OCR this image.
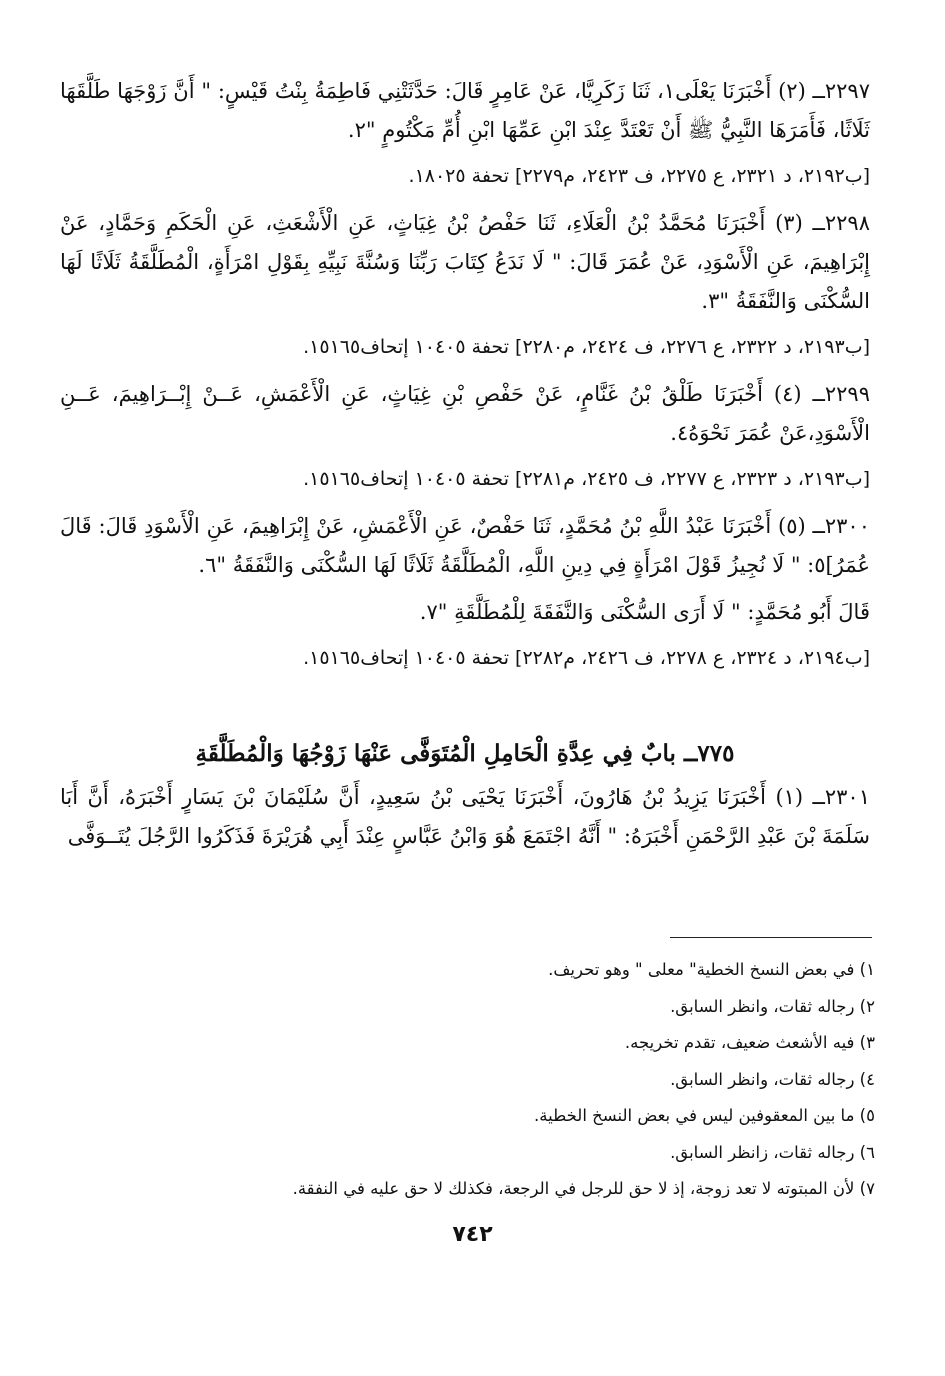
٢٢٩٧ــ (٢) أَخْبَرَنَا يَعْلَى١، ثَنَا زَكَرِيَّا، عَنْ عَامِرٍ قَالَ: حَدَّثَتْنِي فَاطِمَةُ بِنْتُ قَيْسٍ: " أَنَّ زَوْجَهَا طَلَّقَهَا ثَلَاثًا، فَأَمَرَهَا النَّبِيُّ ﷺ أَنْ تَعْتَدَّ عِنْدَ ابْنِ عَمِّهَا ابْنِ أُمِّ مَكْتُومٍ "٢.

[ب٢١٩٢، د ٢٣٢١، ع ٢٢٧٥، ف ٢٤٢٣، م٢٢٧٩] تحفة ١٨٠٢٥.

٢٢٩٨ــ (٣) أَخْبَرَنَا مُحَمَّدُ بْنُ الْعَلَاءِ، ثَنَا حَفْصُ بْنُ غِيَاثٍ، عَنِ الْأَشْعَثِ، عَنِ الْحَكَمِ وَحَمَّادٍ، عَنْ إِبْرَاهِيمَ، عَنِ الْأَسْوَدِ، عَنْ عُمَرَ قَالَ: " لَا نَدَعُ كِتَابَ رَبِّنَا وَسُنَّةَ نَبِيِّهِ بِقَوْلِ امْرَأَةٍ، الْمُطَلَّقَةُ ثَلَاثًا لَهَا السُّكْنَى وَالنَّفَقَةُ "٣.

[ب٢١٩٣، د ٢٣٢٢، ع ٢٢٧٦، ف ٢٤٢٤، م٢٢٨٠] تحفة ١٠٤٠٥ إتحاف١٥١٦٥.

٢٢٩٩ــ (٤) أَخْبَرَنَا طَلْقُ بْنُ غَنَّامٍ، عَنْ حَفْصِ بْنِ غِيَاثٍ، عَنِ الْأَعْمَشِ، عَــنْ إِبْــرَاهِيمَ، عَــنِ الْأَسْوَدِ،عَنْ عُمَرَ نَحْوَهُ٤.

[ب٢١٩٣، د ٢٣٢٣، ع ٢٢٧٧، ف ٢٤٢٥، م٢٢٨١] تحفة ١٠٤٠٥ إتحاف١٥١٦٥.

٢٣٠٠ــ (٥) أَخْبَرَنَا عَبْدُ اللَّهِ بْنُ مُحَمَّدٍ، ثَنَا حَفْصٌ، عَنِ الْأَعْمَشِ، عَنْ إِبْرَاهِيمَ، عَنِ الْأَسْوَدِ قَالَ: قَالَ عُمَرُ]٥: " لَا نُجِيزُ قَوْلَ امْرَأَةٍ فِي دِينِ اللَّهِ، الْمُطَلَّقَةُ ثَلَاثًا لَهَا السُّكْنَى وَالنَّفَقَةُ "٦.

قَالَ أَبُو مُحَمَّدٍ: " لَا أَرَى السُّكْنَى وَالنَّفَقَةَ لِلْمُطَلَّقَةِ "٧.

[ب٢١٩٤، د ٢٣٢٤، ع ٢٢٧٨، ف ٢٤٢٦، م٢٢٨٢] تحفة ١٠٤٠٥ إتحاف١٥١٦٥.

٧٧٥ــ بابٌ فِي عِدَّةِ الْحَامِلِ الْمُتَوَفَّى عَنْهَا زَوْجُهَا وَالْمُطَلَّقَةِ

٢٣٠١ــ (١) أَخْبَرَنَا يَزِيدُ بْنُ هَارُونَ، أَخْبَرَنَا يَحْيَى بْنُ سَعِيدٍ، أَنَّ سُلَيْمَانَ بْنَ يَسَارٍ أَخْبَرَهُ، أَنَّ أَبَا سَلَمَةَ بْنَ عَبْدِ الرَّحْمَنِ أَخْبَرَهُ: " أَنَّهُ اجْتَمَعَ هُوَ وَابْنُ عَبَّاسٍ عِنْدَ أَبِي هُرَيْرَةَ فَذَكَرُوا الرَّجُلَ يُتَــوَفَّى

١) في بعض النسخ الخطية" معلى " وهو تحريف.

٢) رجاله ثقات، وانظر السابق.

٣) فيه الأشعث ضعيف، تقدم تخريجه.

٤) رجاله ثقات، وانظر السابق.

٥) ما بين المعقوفين ليس في بعض النسخ الخطية.

٦) رجاله ثقات، زانظر السابق.

٧) لأن المبتوته لا تعد زوجة، إذ لا حق للرجل في الرجعة، فكذلك لا حق عليه في النفقة.

٧٤٢
